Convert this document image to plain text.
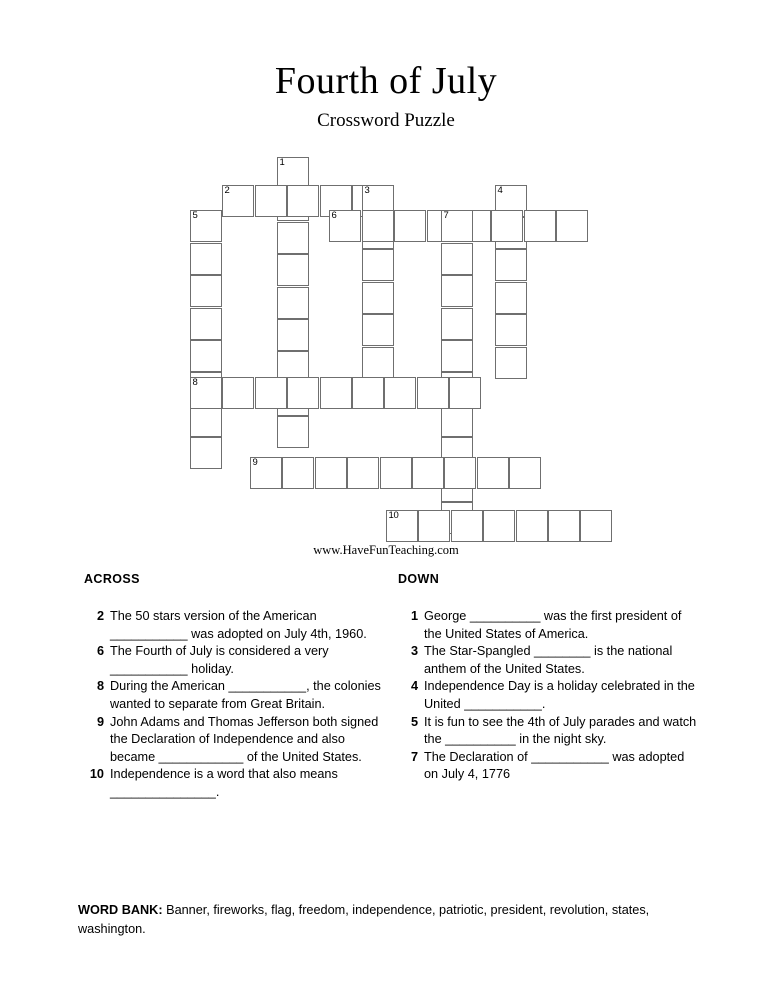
Fourth of July
Crossword Puzzle
1
2	3	4
5	6	7
8
9
10
www.HaveFunTeaching.com
ACROSS
2 The 50 stars version of the American ___________ was adopted on July 4th, 1960.
6 The Fourth of July is considered a very ___________ holiday.
8 During the American ___________, the colonies wanted to separate from Great Britain.
9 John Adams and Thomas Jefferson both signed the Declaration of Independence and also became ____________ of the United States.
10 Independence is a word that also means _______________.
DOWN
1 George __________ was the first president of the United States of America.
3 The Star-Spangled ________ is the national anthem of the United States.
4 Independence Day is a holiday celebrated in the United ___________.
5 It is fun to see the 4th of July parades and watch the __________ in the night sky.
7 The Declaration of ___________ was adopted on July 4, 1776
WORD BANK: Banner, fireworks, flag, freedom, independence, patriotic, president, revolution, states, washington.
